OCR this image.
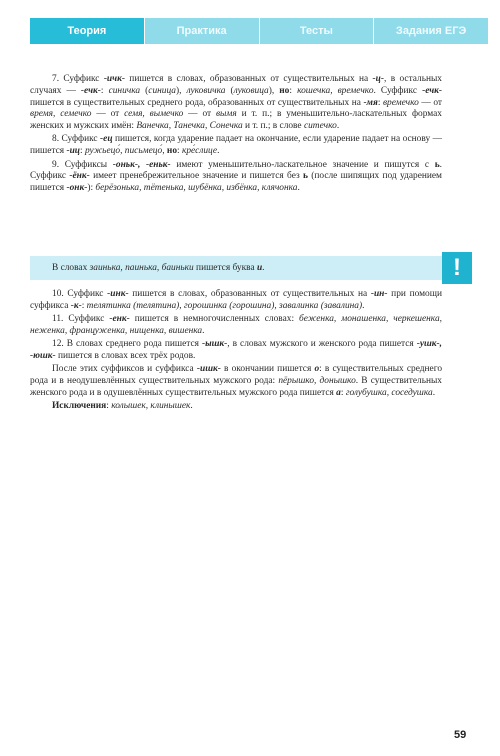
Теория	Практика	Тесты	Задания ЕГЭ

7. Суффикс -ичк- пишется в словах, образованных от существительных на -ц-, в остальных случаях — -ечк-: синичка (синица), луковичка (луковица), но: кошечка, времечко. Суффикс -ечк- пишется в существительных среднего рода, образованных от существительных на -мя: времечко — от время, семечко — от семя, вымечко — от вымя и т. п.; в уменьшительно-ласкательных формах женских и мужских имён: Ванечка, Танечка, Сонечка и т. п.; в слове ситечко.

8. Суффикс -ец пишется, когда ударение падает на окончание, если ударение падает на основу — пишется -иц: ружьецо́, письмецо́, но: кре́слице.

9. Суффиксы -оньк-, -еньк- имеют уменьшительно-ласкательное значение и пишутся с ь. Суффикс -ёнк- имеет пренебрежительное значение и пишется без ь (после шипящих под ударением пишется -онк-): берёзонька, тётенька, шубёнка, избёнка, клячонка.

В словах заинька, паинька, баиньки пишется буква и.	!

10. Суффикс -инк- пишется в словах, образованных от существительных на -ин- при помощи суффикса -к-: телятинка (телятина), горошинка (горошина), завалинка (завалина).

11. Суффикс -енк- пишется в немногочисленных словах: беженка, монашенка, черкешенка, неженка, француженка, нищенка, вишенка.

12. В словах среднего рода пишется -ышк-, в словах мужского и женского рода пишется -ушк-, -юшк- пишется в словах всех трёх родов.

После этих суффиксов и суффикса -ишк- в окончании пишется о: в существительных среднего рода и в неодушевлённых существительных мужского рода: пёрышко, донышко. В существительных женского рода и в одушевлённых существительных мужского рода пишется а: голубушка, соседушка.

Исключения: колышек, клинышек.

59
